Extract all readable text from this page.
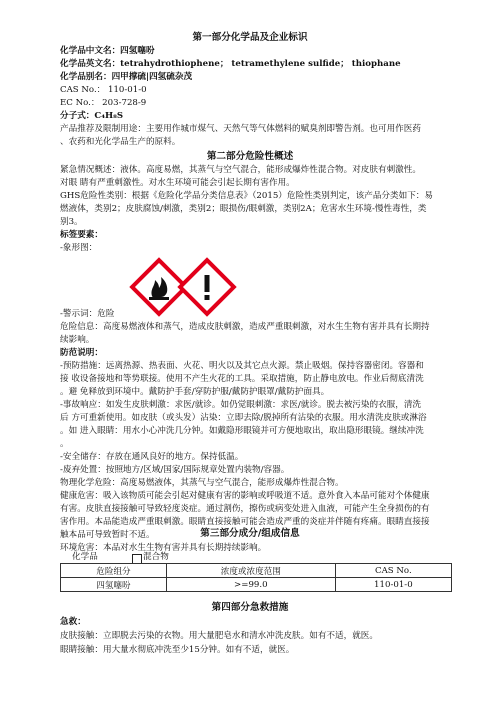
第一部分化学品及企业标识
化学品中文名：四氢噻吩
化学品英文名：tetrahydrothiophene； tetramethylene sulfide； thiophane
化学品别名：四甲撑硫|四氢硫杂茂
CAS No.： 110-01-0
EC No.： 203-728-9
分子式：C₄H₈S
产品推荐及限制用途：主要用作城市煤气、天然气等气体燃料的赋臭剂即警告剂。也可用作医药
、农药和光化学品生产的原料。
第二部分危险性概述
紧急情况概述：液体。高度易燃，其蒸气与空气混合，能形成爆炸性混合物。对皮肤有刺激性。
对眼 睛有严重刺激性。对水生环境可能会引起长期有害作用。
GHS危险性类别：根据《危险化学品分类信息表》（2015）危险性类别判定，该产品分类如下：易
燃液体，类别2；皮肤腐蚀/刺激，类别2；眼损伤/眼刺激，类别2A；危害水生环境-慢性毒性，类
别3。
标签要素：
-象形图：
-警示词：危险
危险信息：高度易燃液体和蒸气，造成皮肤刺激，造成严重眼刺激，对水生生物有害并具有长期持
续影响。
防范说明：
-预防措施：远离热源、热表面、火花、明火以及其它点火源。禁止吸烟。保持容器密闭。容器和
接 收设备接地和等势联接。使用不产生火花的工具。采取措施，防止静电放电。作业后彻底清洗
。避 免释放到环境中。戴防护手套/穿防护服/戴防护眼罩/戴防护面具。
-事故响应：如发生皮肤刺激：求医/就诊。如仍觉眼刺激：求医/就诊。脱去被污染的衣服，清洗
后 方可重新使用。如皮肤（或头发）沾染：立即去除/脱掉所有沾染的衣服。用水清洗皮肤或淋浴
。如 进入眼睛：用水小心冲洗几分钟。如戴隐形眼镜并可方便地取出，取出隐形眼镜。继续冲洗
。
-安全储存：存放在通风良好的地方。保持低温。
-废弃处置：按照地方/区域/国家/国际规章处置内装物/容器。
物理化学危险：高度易燃液体，其蒸气与空气混合，能形成爆炸性混合物。
健康危害：吸入该物质可能会引起对健康有害的影响或呼吸道不适。意外食入本品可能对个体健康
有害。皮肤直接接触可导致轻度炎症。通过割伤，擦伤或病变处进入血液，可能产生全身损伤的有
害作用。本品能造成严重眼刺激。眼睛直接接触可能会造成严重的炎症并伴随有疼痛。眼睛直接接
触本品可导致暂时不适。
环境危害：本品对水生生物有害并具有长期持续影响。
第三部分成分/组成信息
化学品	混合物
危险组分	浓度或浓度范围	CAS No.
四氢噻吩	>=99.0	110-01-0
第四部分急救措施
急救：
皮肤接触：立即脱去污染的衣物。用大量肥皂水和清水冲洗皮肤。如有不适，就医。
眼睛接触：用大量水彻底冲洗至少15分钟。如有不适，就医。
